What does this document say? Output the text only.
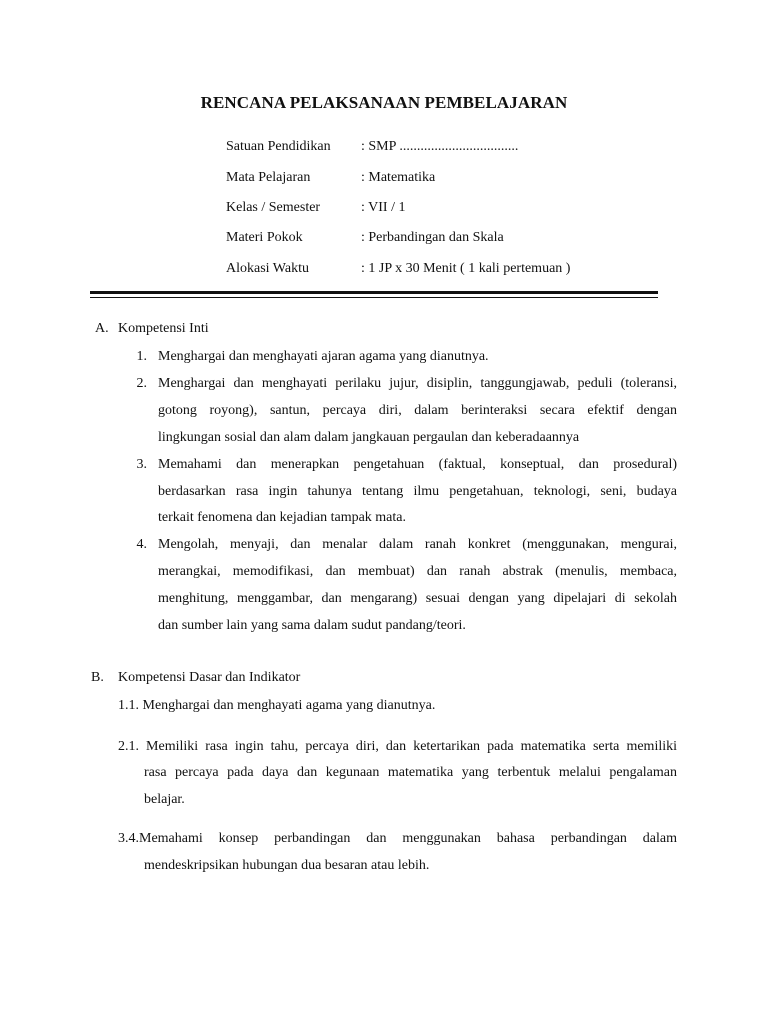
RENCANA PELAKSANAAN PEMBELAJARAN
Satuan Pendidikan : SMP ..................................
Mata Pelajaran	: Matematika
Kelas / Semester	: VII / 1
Materi Pokok	: Perbandingan dan Skala
Alokasi Waktu	: 1 JP x 30 Menit ( 1 kali pertemuan )
A. Kompetensi Inti
1. Menghargai dan menghayati ajaran agama yang dianutnya.
2. Menghargai dan menghayati perilaku jujur, disiplin, tanggungjawab, peduli (toleransi,
gotong royong), santun, percaya diri, dalam berinteraksi secara efektif dengan
lingkungan sosial dan alam dalam jangkauan pergaulan dan keberadaannya
3. Memahami dan menerapkan pengetahuan (faktual, konseptual, dan prosedural)
berdasarkan rasa ingin tahunya tentang ilmu pengetahuan, teknologi, seni, budaya
terkait fenomena dan kejadian tampak mata.
4. Mengolah, menyaji, dan menalar dalam ranah konkret (menggunakan, mengurai,
merangkai, memodifikasi, dan membuat) dan ranah abstrak (menulis, membaca,
menghitung, menggambar, dan mengarang) sesuai dengan yang dipelajari di sekolah
dan sumber lain yang sama dalam sudut pandang/teori.
B. Kompetensi Dasar dan Indikator
1.1. Menghargai dan menghayati agama yang dianutnya.
2.1. Memiliki rasa ingin tahu, percaya diri, dan ketertarikan pada matematika serta memiliki
rasa percaya pada daya dan kegunaan matematika yang terbentuk melalui pengalaman
belajar.
3.4.Memahami konsep perbandingan dan menggunakan bahasa perbandingan dalam
mendeskripsikan hubungan dua besaran atau lebih.
